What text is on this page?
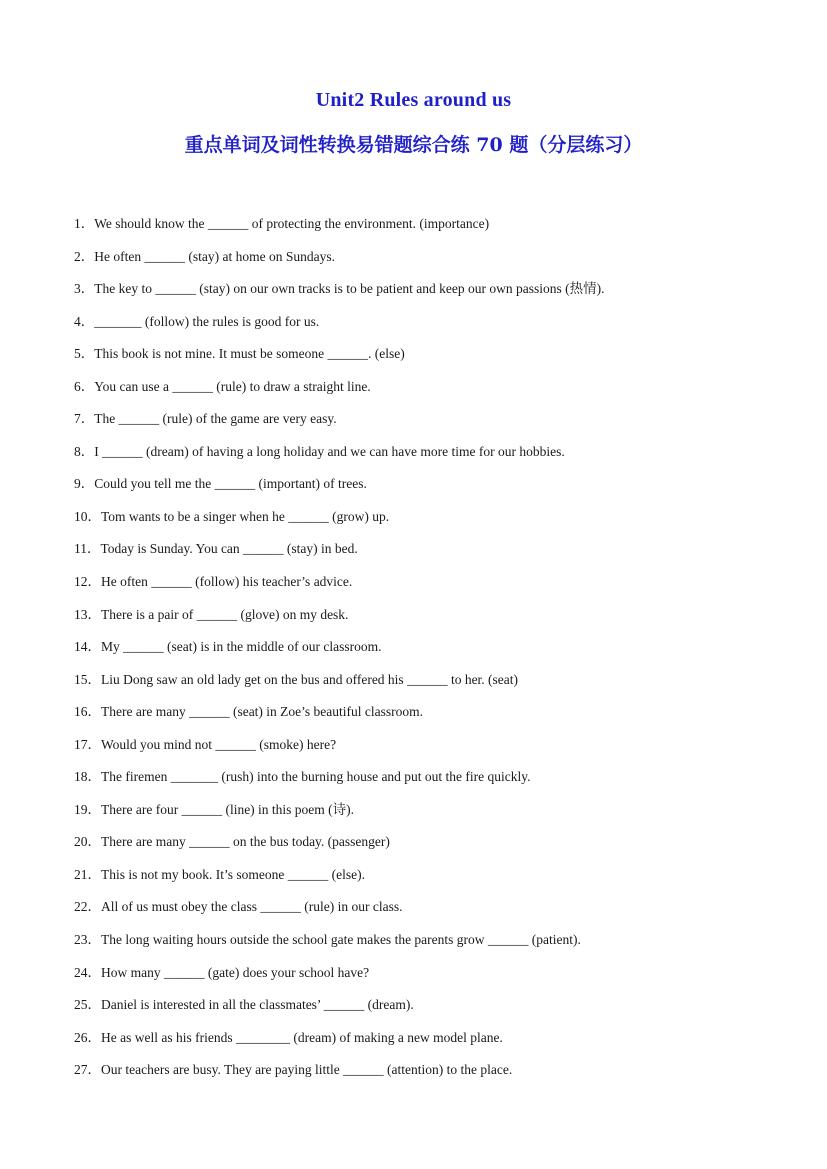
Unit2 Rules around us
重点单词及词性转换易错题综合练 70 题（分层练习）
1．We should know the ______ of protecting the environment. (importance)
2．He often ______ (stay) at home on Sundays.
3．The key to ______ (stay) on our own tracks is to be patient and keep our own passions (热情).
4．_______ (follow) the rules is good for us.
5．This book is not mine. It must be someone ______. (else)
6．You can use a ______ (rule) to draw a straight line.
7．The ______ (rule) of the game are very easy.
8．I ______ (dream) of having a long holiday and we can have more time for our hobbies.
9．Could you tell me the ______ (important) of trees.
10．Tom wants to be a singer when he ______ (grow) up.
11．Today is Sunday. You can ______ (stay) in bed.
12．He often ______ (follow) his teacher’s advice.
13．There is a pair of ______ (glove) on my desk.
14．My ______ (seat) is in the middle of our classroom.
15．Liu Dong saw an old lady get on the bus and offered his ______ to her. (seat)
16．There are many ______ (seat) in Zoe’s beautiful classroom.
17．Would you mind not ______ (smoke) here?
18．The firemen _______ (rush) into the burning house and put out the fire quickly.
19．There are four ______ (line) in this poem (诗).
20．There are many ______ on the bus today. (passenger)
21．This is not my book. It’s someone ______ (else).
22．All of us must obey the class ______ (rule) in our class.
23．The long waiting hours outside the school gate makes the parents grow ______ (patient).
24．How many ______ (gate) does your school have?
25．Daniel is interested in all the classmates’ ______ (dream).
26．He as well as his friends ________ (dream) of making a new model plane.
27．Our teachers are busy. They are paying little ______ (attention) to the place.
